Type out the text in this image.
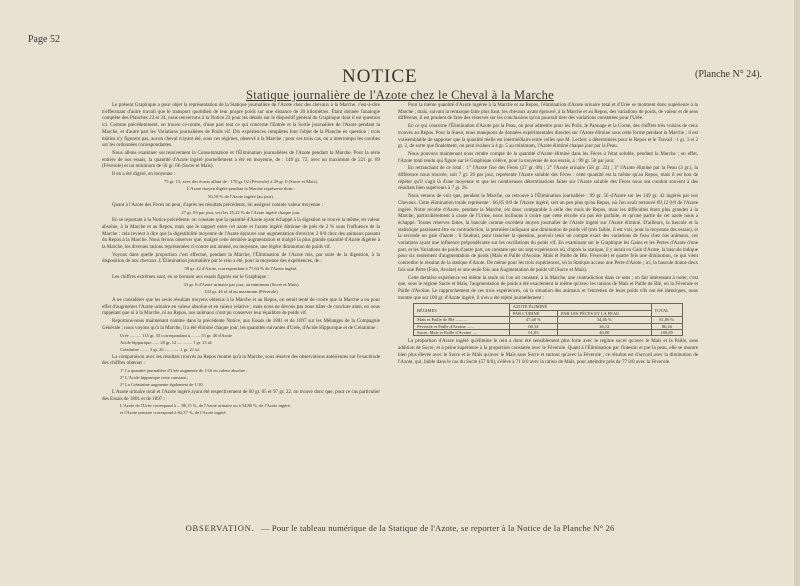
Page 52
NOTICE	(Planche N° 24).
Statique journalière de l'Azote chez le Cheval à la Marche

Le présent Graphique a pour objet la représentation de la Statique journalière de l'Azote chez des chevaux à la Marche, c'est-à-dire n'effectuant d'autre travail que le transport quotidien de leur propre poids sur une distance de 20 kilomètres. Étant donnée l'analogie complète des Planches 23 et 24, nous renverrons à la Notice 23 pour les détails sur le dispositif général du Graphique dont il est question ici. Comme précédemment, on trouve ci-contre, d'une part tout ce qui concerne l'Entrée et la Sortie journalière de l'Azote pendant la Marche, et d'autre part les Variations journalières de Poids vif. Dix expériences complètes font l'objet de la Planche en question ; trois mâtins n'y figurent pas, aucun cheval n'ayant été, sous ces régimes, observé à la Marche ; pour ces trois cas, on a interrompu les courbes sur les ordonnées correspondantes.

Nous allons examiner successivement la Consommation et l'Élimination journalières de l'Azote pendant la Marche. Pour la série entière de nos essais, la quantité d'Azote ingéré journellement a été en moyenne, de : 149 gr. 72, avec un maximum de 221 gr. 89 (Féverole) et un minimum de 56 gr. 66 (Sucre et Maïs).

Il en a été digéré, en moyenne :

75 gr. 13, avec des écarts allant de : 170 gr. 02 (Féverole) à 29 gr. 0 (Sucre et Maïs).

L'Azote moyen digéré pendant la Marche représente donc :

50,18 % de l'Azote ingéré (au jour).

Quant à l'Azote des Fèces on peut, d'après les résultats précédents, lui assigner comme valeur moyenne :

27 gr. 03 par jour, soit les 25,22 % de l'Azote ingéré chaque jour.

En se reportant à la Notice précédente, on constate que la quantité d'Azote ayant échappé à la digestion se trouve la même, en valeur absolue, à la Marche et au Repos, mais que le rapport entre cet azote et l'azote ingéré diminue de près de 2 % sous l'influence de la Marche : cela revient à dire que la digestibilité moyenne de l'Azote éprouve une augmentation d'environ 2 0/0 chez des animaux passant du Repos à la Marche. Nous ferons observer que, malgré cette dernière augmentation et malgré la plus grande quantité d'Azote digérée à la Marche, les diverses rations représentées ci-contre ont amené, en moyenne, une légère diminution de poids vif.

Voyons dans quelle proportion c'est effectué, pendant la Marche, l'Élimination de l'Azote mis, par suite de la digestion, à la disposition de nos chevaux. L'Élimination journalière par le rein a été, pour la moyenne des expériences, de :

58 gr. 22 d'Azote, correspondant à 77,64 % de l'Azote ingéré.

Les chiffres extrêmes sont, en se bornant aux essais figurés sur le Graphique :

33 gr. 6 d'Azote urinaire par jour, au minimum (Sucre et Maïs)

133 gr. 46 id id au maximum (Féverole)

A ne considérer que les seuls résultats moyens obtenus à la Marche et au Repos, on serait tenté de croire que la Marche a eu pour effet d'augmenter l'Azote urinaire en valeur absolue et en valeur relative ; mais nous ne devons pas nous hâter de conclure ainsi, en nous rappelant que ni à la Marche, ni au Repos, nos animaux n'ont pu conserver leur équilibre de poids vif.

Reportons-nous maintenant comme dans la précédente Notice, aux Essais de 1881 et de 1897 sur les Mélanges de la Compagnie Générale ; nous voyons qu'à la Marche, il a été éliminé chaque jour, les quantités suivantes d'Urée, d'Acide Hippurique et de Créatinine :

Urée .......... 115 gr. 55 correspondant à ........ 53 gr. 46 d'Azote

Acide hippurique ...... 29 gr. 12 — ........ 1 gr. 23 id.

Créatinine ........ 3 gr. 26 — ........ 1 gr. 21 id.

La comparaison avec les résultats trouvés au Repos montre qu'à la Marche, sous réserve des observations antérieures sur l'exactitude des chiffres obtenus :

1° La quantité journalière d'Urée augmente de 1/10 en valeur absolue ;

2° L'Acide hippurique reste constant ;

3° La Créatinine augmente également de 1/10.

L'Azote urinaire total et l'Azote ingéré ayant été respectivement de 60 gr. 65 et 97 gr. 22, on trouve donc que, pour ce cas particulier des Essais de 1881 et de 1897 :

L'Azote de l'Urée correspond à ... 88,15 %, de l'Azote urinaire ou à 54,86 %, de l'Azote ingéré,

et l'Azote urinaire correspond à 62,37 %, de l'Azote ingéré.

Pour la même quantité d'Azote ingérée à la Marche et au Repos, l'élimination d'Azote urinaire total et d'Urée se montrent donc supérieure à la Marche ; mais, suivant la remarque faite plus haut, les chevaux ayant éprouvé, à la Marche et au Repos, des variations de poids, de valeur et de sens différents, il est prudent de faire des réserves sur les conclusions qu'on pourrait tirer des variations constatées pour l'Urée.

En ce qui concerne l'Élimination d'Azote par la Peau, on peut admettre pour les Poils, le Pannage et la Corne, des chiffres très voisins de ceux trouvés au Repos. Pour la Sueur, nous manquons de données expérimentales directes sur l'Azote éliminé sous cette forme pendant la Marche ; il est vraisemblable de supposer que la quantité réelle est intermédiaire entre celles que M. Leclerc a déterminées pour le Repos et le Travail : 1 gr. 3 et 2 gr. 2, de sorte que finalement, on peut évaluer à 4 gr. 5 au minimum, l'Azote éliminé chaque jour par la Peau.

Nous pouvons maintenant nous rendre compte de la quantité d'Azote éliminé dans les Fèces à l'état soluble, pendant la Marche ; en effet, l'Azote total rendu qui figure sur le Graphique s'élève, pour la moyenne de nos essais, à : 99 gr. 56 par jour.

En retranchant de ce total : 1° l'Azote fixe des Fèces (27 gr. 08) ; 2° l'Azote urinaire (58 gr. 22) ; 3° l'Azote éliminé par la Peau (3 gr.), la différence nous trouvée, soit 7 gr. 26 par jour, représente l'Azote soluble des Fèces : cette quantité est la même qu'au Repos, mais il est bon de répéter qu'il s'agit là d'une moyenne et que les nombreuses déterminations faites sur l'Azote soluble des Fèces nous ont conduit souvent à des résultats bien supérieurs à 7 gr. 26.

Nous venons de voir que, pendant la Marche, on retrouve à l'Élimination journalière : 99 gr. 56 d'Azote sur les 149 gr. 42 ingérés par nos Chevaux. Cette élimination totale représente : 66,85 0/0 de l'Azote ingéré, soit un peu plus qu'au Repos, où l'on avait retrouvé 69,12 0/0 de l'Azote ingéré. Notre récolte d'Azote, pendant la Marche, est donc comparable à celle des mois de Repos, mais les difficultés étant plus grandes à la Marche, particulièrement à cause de l'Urine, nous inclinons à croire que cette récolte n'a pas été parfaite, et qu'une partie de cet azote nous a échappé. Toutes réserves faites, la bascule comme excédent moyen journalier de l'Azote ingéré sur l'Azote éliminé. D'ailleurs, la bascule et la statistique paraissent être en contradiction, la première indiquant une diminution de poids vif (très faible, il est vrai, pour la moyenne des essais), et la seconde un gain d'azote ; il faudrait, pour trancher la question, pouvoir tenir un compte exact des variations de l'eau chez nos animaux, ces variations ayant une influence prépondérante sur les oscillations du poids vif. En examinant sur le Graphique les Gains et les Pertes d'Azote d'une part, et les Variations de poids d'autre part, on constate que sur sept expériences où, d'après la statique, il y aurait eu Gain d'Azote, la bascule indique pour six seulement d'augmentation de poids (Maïs et Paille d'Avoine, Maïs et Paille de Blé, Féverole) et quatre fois une diminution, ce qui vient contredire le résultat de la statique d'Azote. De même pour les trois expériences, où la Statique accuse une Perte d'Azote ; ici, la bascule donne deux fois une Perte (Foin, Avoine) et une seule fois une Augmentation de poids vif (Sucre et Maïs).

Cette dernière expérience est même la seule où l'on ait constaté, à la Marche, une contradiction dans ce sens ; on fait intéressant à noter, c'est que, sous le régime Sucre et Maïs, l'augmentation de poids a été exactement la même qu'avec les rations de Maïs et Paille de Blé, où la Féverole et Paille d'Avoine. Le rapprochement de ces trois expériences, où la situation des animaux et l'entretien de leurs poids vifs ont été identiques, nous montre que sur 100 gr. d'Azote ingéré, il n'en a été rejeté journellement :

RÉGIMES	AZOTE ÉLIMINÉ		TOTAL
	PAR L'URINE	PAR LES FÈCES ET LA PEAU	
Maïs et Paille de Blé ..........	47,40 %	34,46 %	81,86 %
Féverole et Paille d'Avoine .......	60,14	26,12	86,26
Sucre, Maïs et Paille d'Avoine ....	61,03	40,00	108,85

La proportion d'Azote ingéré qu'élimine le rein a donc été sensiblement plus forte avec le régime sucré qu'avec le Maïs et la Paille, sans addition de Sucre, et à peine supérieure à la proportion constatée avec le Féverole. Quant à l'Élimination par l'intestin et par la peau, elle se montre bien plus élevée avec le Sucre et le Maïs qu'avec le Maïs sans Sucre et surtout qu'avec la Féverole ; ce résultat est d'accord avec la diminution de l'Azote, qui, faible dans le cas du Sucre (57 0/0), s'élève à 71 0/0 avec la ration de Maïs, pour atteindre près de 77 0/0 avec la Féverole.

OBSERVATION. — Pour le tableau numérique de la Statique de l'Azote, se reporter à la Notice de la Planche N° 26
